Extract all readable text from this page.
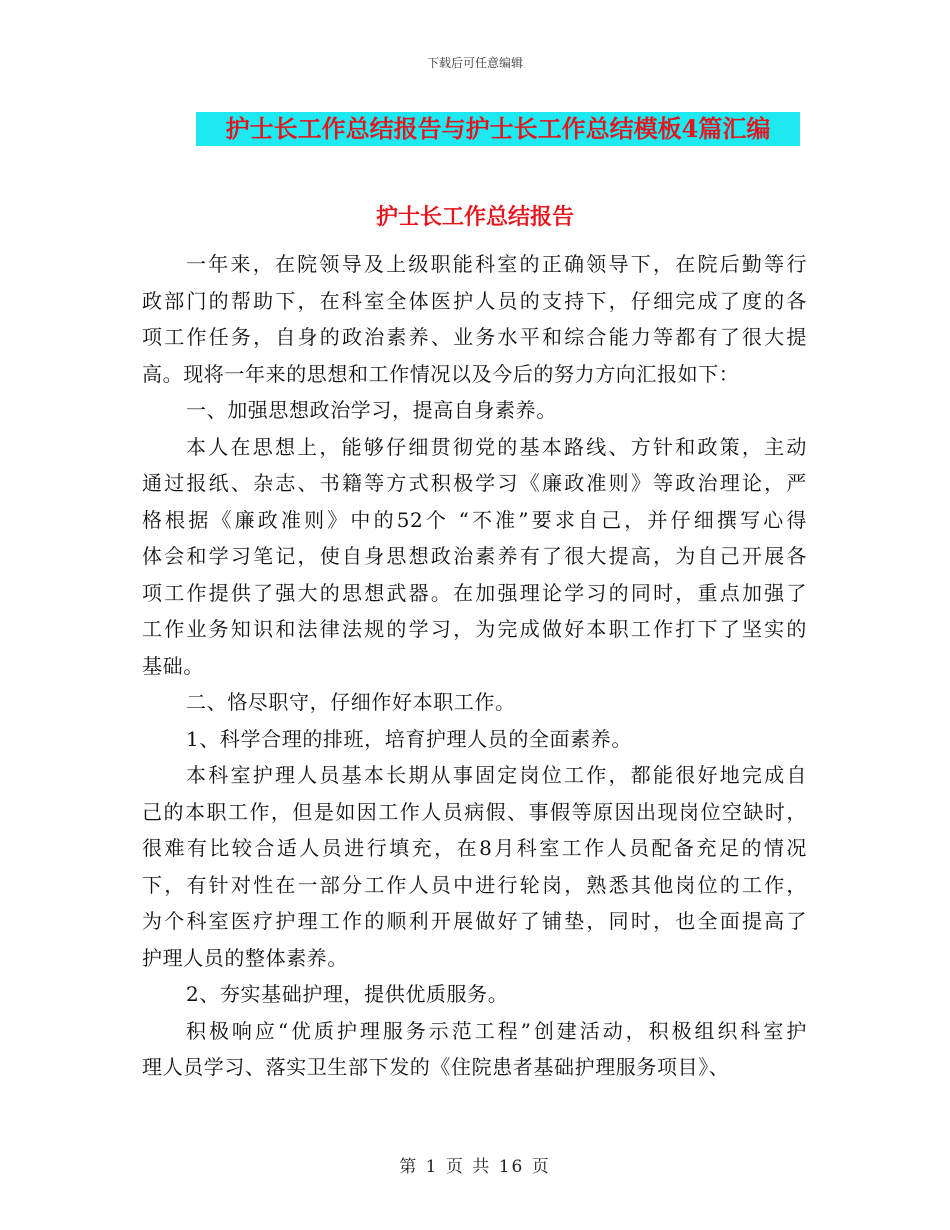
下载后可任意编辑
护士长工作总结报告与护士长工作总结模板4篇汇编
护士长工作总结报告
一年来，在院领导及上级职能科室的正确领导下，在院后勤等行
政部门的帮助下，在科室全体医护人员的支持下，仔细完成了度的各
项工作任务，自身的政治素养、业务水平和综合能力等都有了很大提
高。现将一年来的思想和工作情况以及今后的努力方向汇报如下：
一、加强思想政治学习，提高自身素养。
本人在思想上，能够仔细贯彻党的基本路线、方针和政策，主动
通过报纸、杂志、书籍等方式积极学习《廉政准则》等政治理论，严
格根据《廉政准则》中的52个 “不准”要求自己，并仔细撰写心得
体会和学习笔记，使自身思想政治素养有了很大提高，为自己开展各
项工作提供了强大的思想武器。在加强理论学习的同时，重点加强了
工作业务知识和法律法规的学习，为完成做好本职工作打下了坚实的
基础。
二、恪尽职守，仔细作好本职工作。
1、科学合理的排班，培育护理人员的全面素养。
本科室护理人员基本长期从事固定岗位工作，都能很好地完成自
己的本职工作，但是如因工作人员病假、事假等原因出现岗位空缺时，
很难有比较合适人员进行填充，在8月科室工作人员配备充足的情况
下，有针对性在一部分工作人员中进行轮岗，熟悉其他岗位的工作，
为个科室医疗护理工作的顺利开展做好了铺垫，同时，也全面提高了
护理人员的整体素养。
2、夯实基础护理，提供优质服务。
积极响应“优质护理服务示范工程”创建活动，积极组织科室护
理人员学习、落实卫生部下发的《住院患者基础护理服务项目》、
第 1 页 共 16 页
